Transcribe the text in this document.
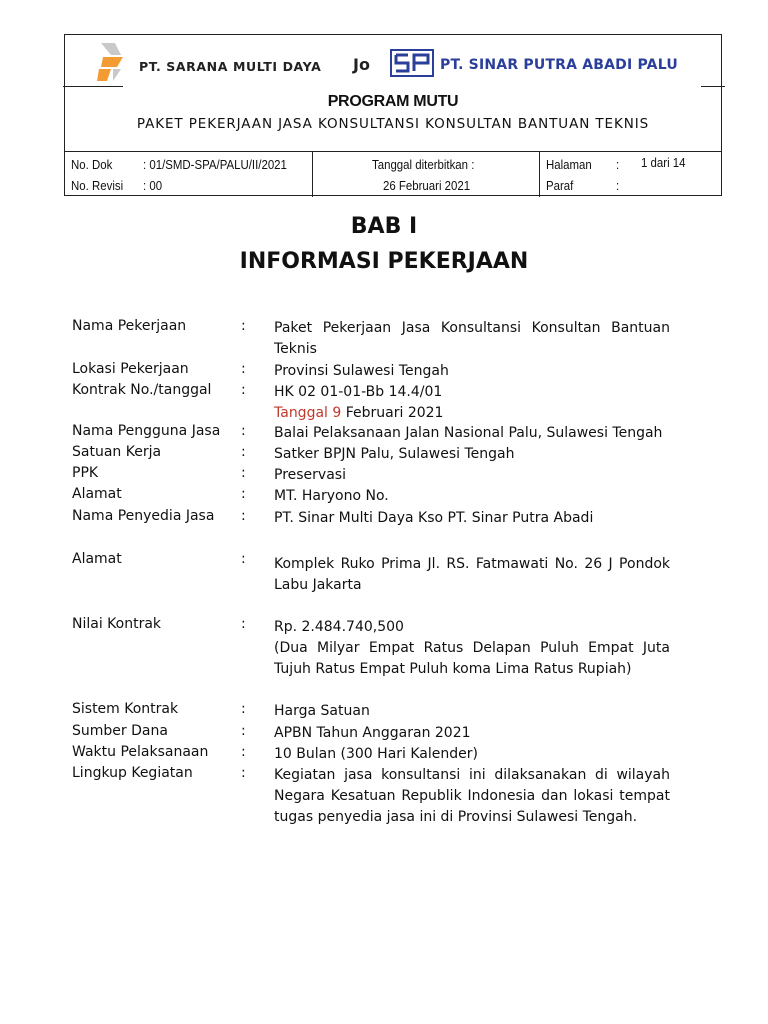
PT. SARANA MULTI DAYA Jo	PT. SINAR PUTRA ABADI PALU
PROGRAM MUTU
PAKET PEKERJAAN JASA KONSULTANSI KONSULTAN BANTUAN TEKNIS
No. Dok : 01/SMD-SPA/PALU/II/2021
No. Revisi : 00
Tanggal diterbitkan :
26 Februari 2021
Halaman : 1 dari 14
Paraf	:
BAB I
INFORMASI PEKERJAAN
Nama Pekerjaan	: Paket Pekerjaan Jasa Konsultansi Konsultan Bantuan
Teknis
Lokasi Pekerjaan	: Provinsi Sulawesi Tengah
Kontrak No./tanggal : HK 02 01-01-Bb 14.4/01
Tanggal 9 Februari 2021
Nama Pengguna Jasa : Balai Pelaksanaan Jalan Nasional Palu, Sulawesi Tengah
Satuan Kerja	: Satker BPJN Palu, Sulawesi Tengah
PPK	: Preservasi
Alamat	: MT. Haryono No.
Nama Penyedia Jasa : PT. Sinar Multi Daya Kso PT. Sinar Putra Abadi
Alamat	: Komplek Ruko Prima Jl. RS. Fatmawati No. 26 J Pondok
Labu Jakarta
Nilai Kontrak	: Rp. 2.484.740,500
(Dua Milyar Empat Ratus Delapan Puluh Empat Juta
Tujuh Ratus Empat Puluh koma Lima Ratus Rupiah)
Sistem Kontrak	: Harga Satuan
Sumber Dana	: APBN Tahun Anggaran 2021
Waktu Pelaksanaan : 10 Bulan (300 Hari Kalender)
Lingkup Kegiatan	: Kegiatan jasa konsultansi ini dilaksanakan di wilayah
Negara Kesatuan Republik Indonesia dan lokasi tempat
tugas penyedia jasa ini di Provinsi Sulawesi Tengah.
